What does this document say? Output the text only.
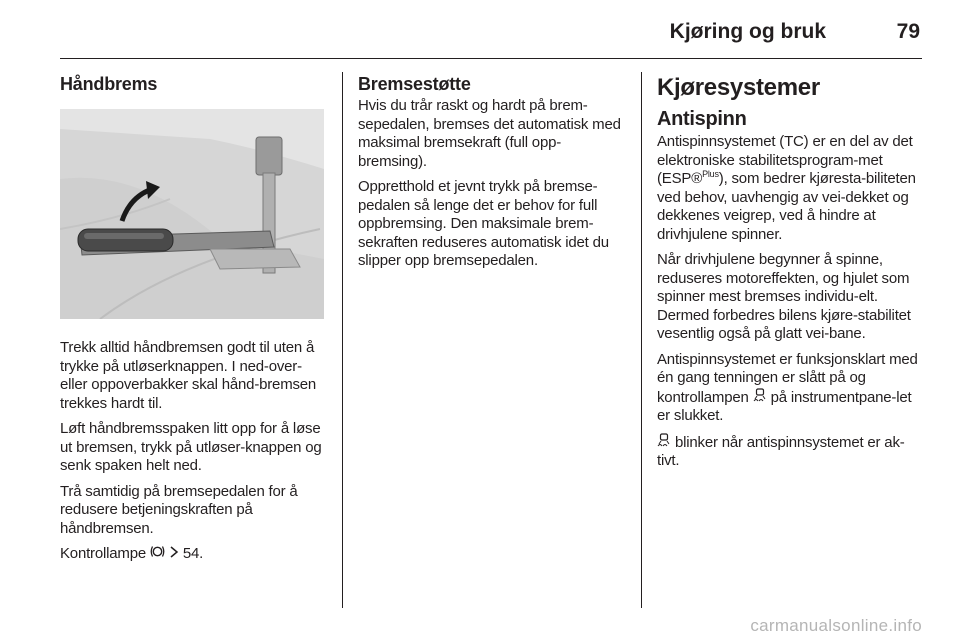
Kjøring og bruk	79
Håndbrems

Trekk alltid håndbremsen godt til uten å trykke på utløserknappen. I ned-over- eller oppoverbakker skal hånd-bremsen trekkes hardt til.

Løft håndbremsspaken litt opp for å løse ut bremsen, trykk på utløser-knappen og senk spaken helt ned.

Trå samtidig på bremsepedalen for å redusere betjeningskraften på håndbremsen.

Kontrollampe 54.

Bremsestøtte

Hvis du trår raskt og hardt på brem-sepedalen, bremses det automatisk med maksimal bremsekraft (full opp-bremsing).

Oppretthold et jevnt trykk på bremse-pedalen så lenge det er behov for full oppbremsing. Den maksimale brem-sekraften reduseres automatisk idet du slipper opp bremsepedalen.

Kjøresystemer
Antispinn

Antispinnsystemet (TC) er en del av det elektroniske stabilitetsprogram-met (ESP®$^{Plus}$), som bedrer kjøresta-biliteten ved behov, uavhengig av vei-dekket og dekkenes veigrep, ved å hindre at drivhjulene spinner.

Når drivhjulene begynner å spinne, reduseres motoreffekten, og hjulet som spinner mest bremses individu-elt. Dermed forbedres bilens kjøre-stabilitet vesentlig også på glatt vei-bane.

Antispinnsystemet er funksjonsklart med én gang tenningen er slått på og kontrollampen på instrumentpane-let er slukket.

blinker når antispinnsystemet er ak-tivt.

carmanualsonline.info
